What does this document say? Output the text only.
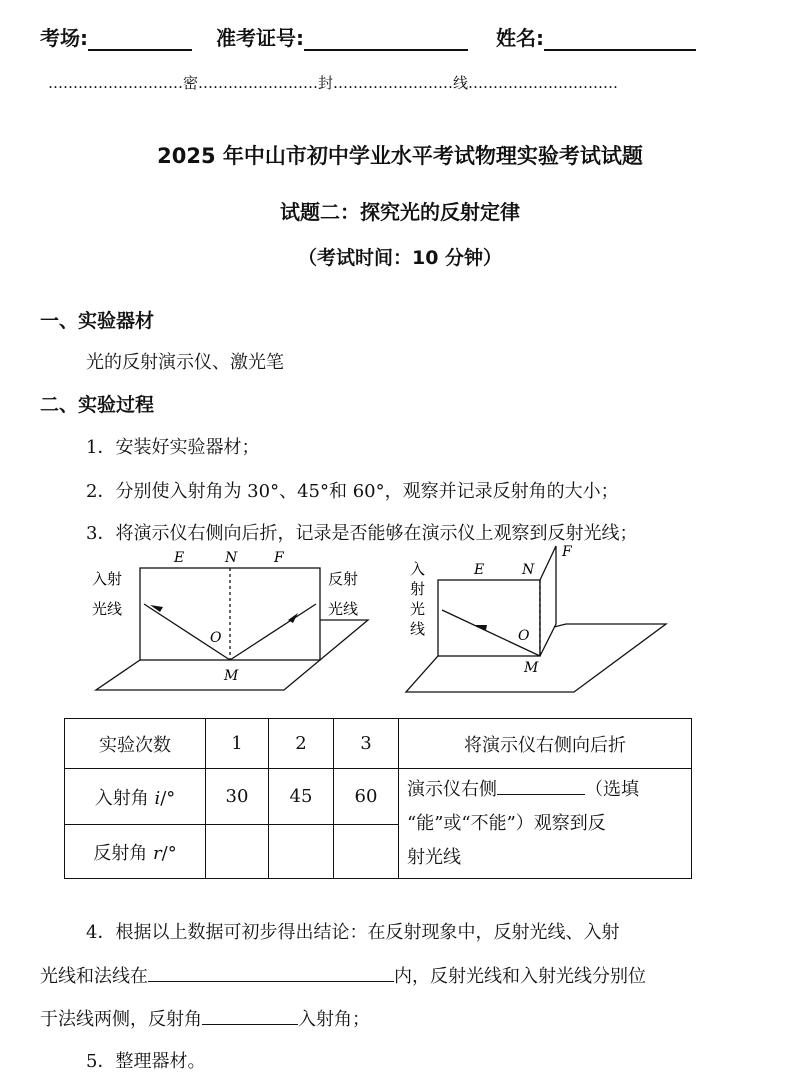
考场:	准考证号:	姓名:
………………………密……………………封……………………线…………………………
2025 年中山市初中学业水平考试物理实验考试试题
试题二：探究光的反射定律
（考试时间：10 分钟）
一、实验器材
光的反射演示仪、激光笔
二、实验过程
1．安装好实验器材；
2．分别使入射角为 30°、45°和 60°，观察并记录反射角的大小；
3．将演示仪右侧向后折，记录是否能够在演示仪上观察到反射光线；
E	N	F
O
M
入射
光线
反射
光线
E	N
F
O
M
入
射
光
线
实验次数	1	2	3	将演示仪右侧向后折
入射角 i/°	30	45	60	演示仪右侧 （选填
“能”或“不能”）观察到反
射光线

反射角 r/°				
4．根据以上数据可初步得出结论：在反射现象中，反射光线、入射
光线和法线在	内，反射光线和入射光线分别位
于法线两侧，反射角	入射角；
5．整理器材。
